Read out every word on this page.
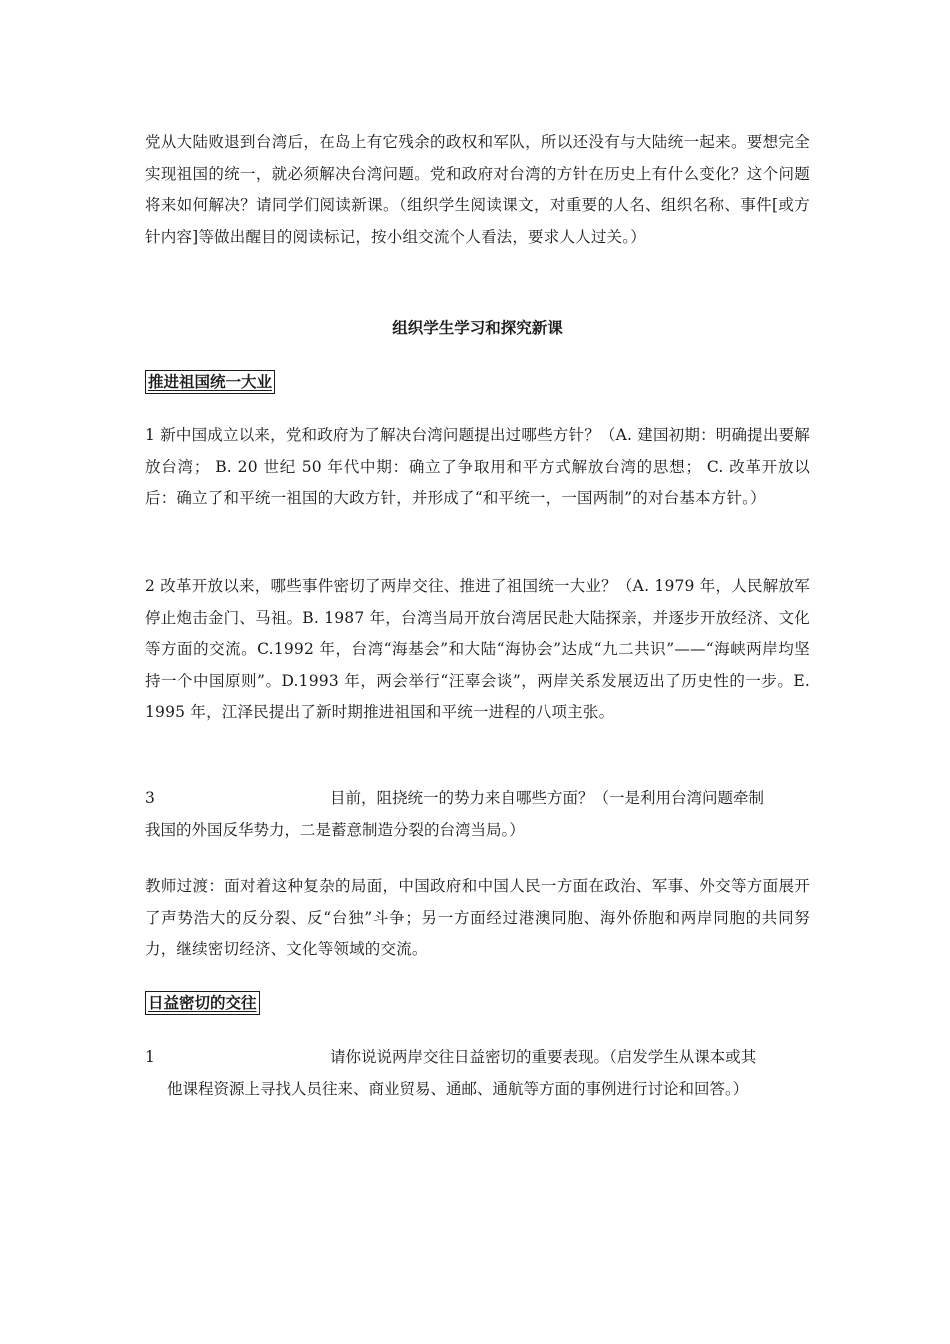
党从大陆败退到台湾后，在岛上有它残余的政权和军队，所以还没有与大陆统一起来。要想完全实现祖国的统一，就必须解决台湾问题。党和政府对台湾的方针在历史上有什么变化？这个问题将来如何解决？请同学们阅读新课。（组织学生阅读课文，对重要的人名、组织名称、事件[或方针内容]等做出醒目的阅读标记，按小组交流个人看法，要求人人过关。）

组织学生学习和探究新课

推进祖国统一大业

1 新中国成立以来，党和政府为了解决台湾问题提出过哪些方针？（A. 建国初期：明确提出要解放台湾； B. 20 世纪 50 年代中期：确立了争取用和平方式解放台湾的思想； C. 改革开放以后：确立了和平统一祖国的大政方针，并形成了“和平统一，一国两制”的对台基本方针。）

2 改革开放以来，哪些事件密切了两岸交往、推进了祖国统一大业？（A. 1979 年，人民解放军停止炮击金门、马祖。B. 1987 年，台湾当局开放台湾居民赴大陆探亲，并逐步开放经济、文化等方面的交流。C.1992 年，台湾“海基会”和大陆“海协会”达成“九二共识”——“海峡两岸均坚持一个中国原则”。D.1993 年，两会举行“汪辜会谈”，两岸关系发展迈出了历史性的一步。E. 1995 年，江泽民提出了新时期推进祖国和平统一进程的八项主张。

3	目前，阻挠统一的势力来自哪些方面？（一是利用台湾问题牵制
我国的外国反华势力，二是蓄意制造分裂的台湾当局。）

教师过渡：面对着这种复杂的局面，中国政府和中国人民一方面在政治、军事、外交等方面展开了声势浩大的反分裂、反“台独”斗争；另一方面经过港澳同胞、海外侨胞和两岸同胞的共同努力，继续密切经济、文化等领域的交流。

日益密切的交往

1	请你说说两岸交往日益密切的重要表现。（启发学生从课本或其
他课程资源上寻找人员往来、商业贸易、通邮、通航等方面的事例进行讨论和回答。）
